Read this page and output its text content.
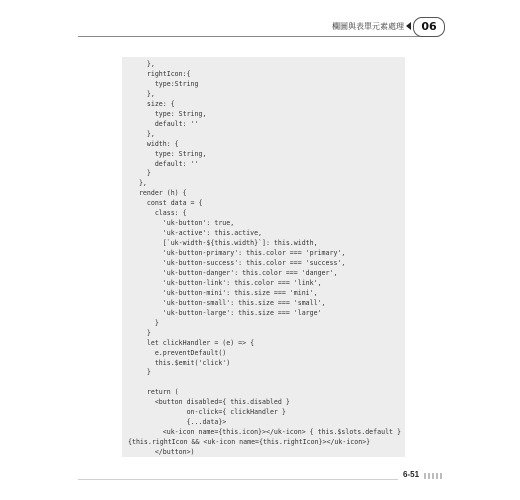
欄圖與表單元素處理	06
},
rightIcon:{
type:String
},
size: {
type: String,
default: ''
},
width: {
type: String,
default: ''
}
},
render (h) {
const data = {
class: {
'uk-button': true,
'uk-active': this.active,
[`uk-width-${this.width}`]: this.width,
'uk-button-primary': this.color === 'primary',
'uk-button-success': this.color === 'success',
'uk-button-danger': this.color === 'danger',
'uk-button-link': this.color === 'link',
'uk-button-mini': this.size === 'mini',
'uk-button-small': this.size === 'small',
'uk-button-large': this.size === 'large'
}
}
let clickHandler = (e) => {
e.preventDefault()
this.$emit('click')
}
return (
<button disabled={ this.disabled }
on-click={ clickHandler }
{...data}>
<uk-icon name={this.icon}></uk-icon> { this.$slots.default }
{this.rightIcon && <uk-icon name={this.rightIcon}></uk-icon>}
</button>)
6-51
